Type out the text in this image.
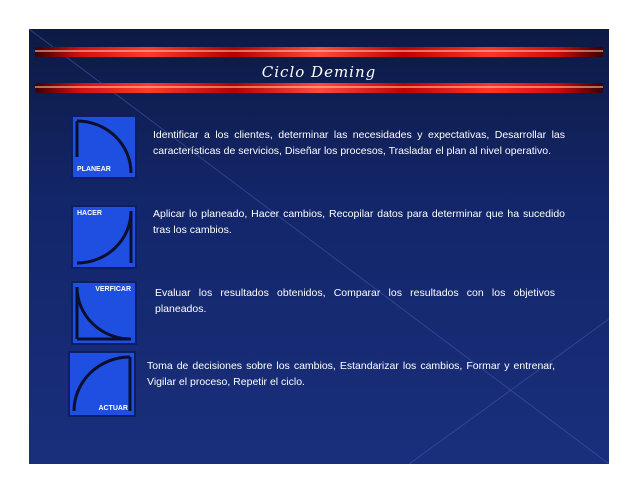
Ciclo Deming
PLANEAR
Identificar a los clientes, determinar las necesidades y expectativas, Desarrollar las características de servicios, Diseñar los procesos, Trasladar el plan al nivel operativo.
HACER	Aplicar lo planeado, Hacer cambios, Recopilar datos para determinar que ha sucedido tras los cambios.
VERFICAR Evaluar los resultados obtenidos, Comparar los resultados con los objetivos planeados.
ACTUAR
Toma de decisiones sobre los cambios, Estandarizar los cambios, Formar y entrenar, Vigilar el proceso, Repetir el ciclo.
